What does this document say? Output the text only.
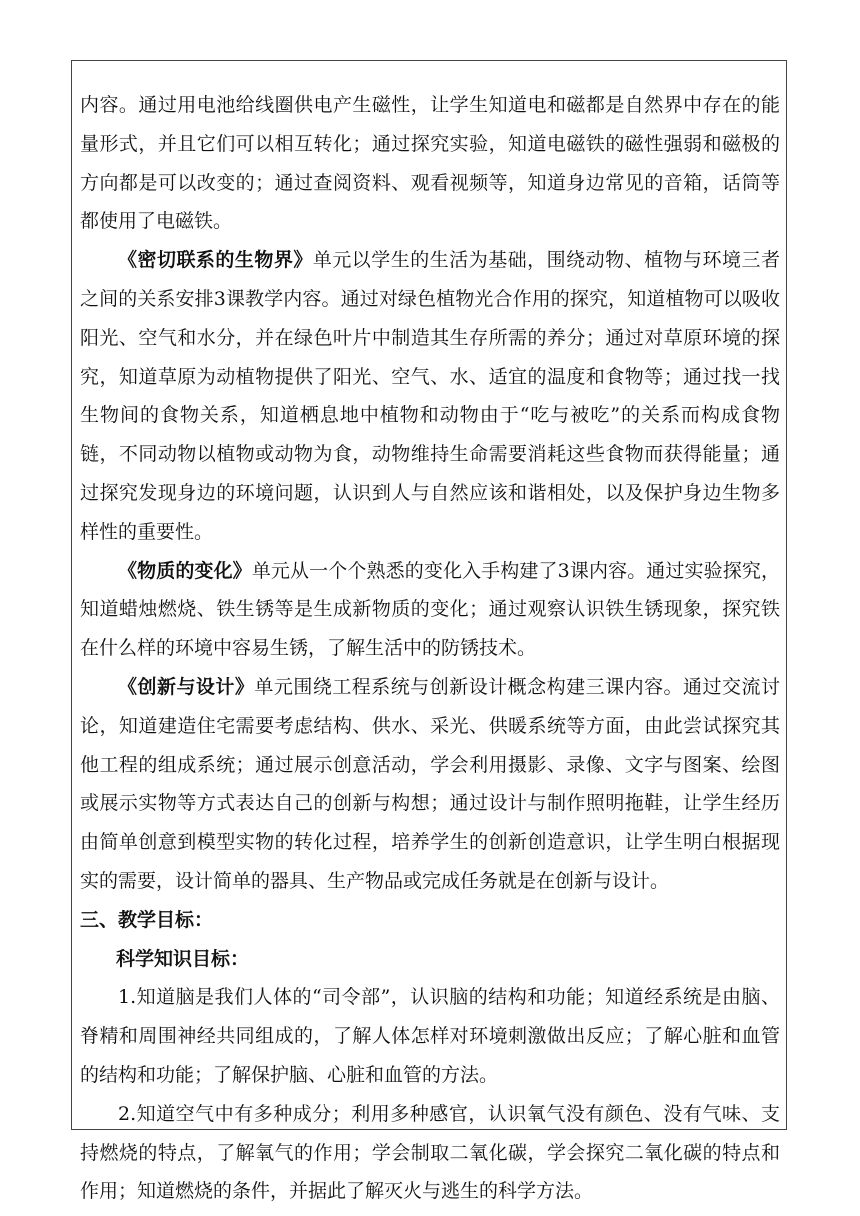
内容。通过用电池给线圈供电产生磁性，让学生知道电和磁都是自然界中存在的能量形式，并且它们可以相互转化；通过探究实验，知道电磁铁的磁性强弱和磁极的方向都是可以改变的；通过查阅资料、观看视频等，知道身边常见的音箱，话筒等都使用了电磁铁。

《密切联系的生物界》单元以学生的生活为基础，围绕动物、植物与环境三者之间的关系安排3课教学内容。通过对绿色植物光合作用的探究，知道植物可以吸收阳光、空气和水分，并在绿色叶片中制造其生存所需的养分；通过对草原环境的探究，知道草原为动植物提供了阳光、空气、水、适宜的温度和食物等；通过找一找生物间的食物关系，知道栖息地中植物和动物由于“吃与被吃”的关系而构成食物链，不同动物以植物或动物为食，动物维持生命需要消耗这些食物而获得能量；通过探究发现身边的环境问题，认识到人与自然应该和谐相处，以及保护身边生物多样性的重要性。

《物质的变化》单元从一个个熟悉的变化入手构建了3课内容。通过实验探究，知道蜡烛燃烧、铁生锈等是生成新物质的变化；通过观察认识铁生锈现象，探究铁在什么样的环境中容易生锈，了解生活中的防锈技术。

《创新与设计》单元围绕工程系统与创新设计概念构建三课内容。通过交流讨论，知道建造住宅需要考虑结构、供水、采光、供暖系统等方面，由此尝试探究其他工程的组成系统；通过展示创意活动，学会利用摄影、录像、文字与图案、绘图或展示实物等方式表达自己的创新与构想；通过设计与制作照明拖鞋，让学生经历由简单创意到模型实物的转化过程，培养学生的创新创造意识，让学生明白根据现实的需要，设计简单的器具、生产物品或完成任务就是在创新与设计。

三、教学目标：

科学知识目标：

1.知道脑是我们人体的“司令部”，认识脑的结构和功能；知道经系统是由脑、脊精和周围神经共同组成的，了解人体怎样对环境刺激做出反应；了解心脏和血管的结构和功能；了解保护脑、心脏和血管的方法。

2.知道空气中有多种成分；利用多种感官，认识氧气没有颜色、没有气味、支持燃烧的特点，了解氧气的作用；学会制取二氧化碳，学会探究二氧化碳的特点和作用；知道燃烧的条件，并据此了解灭火与逃生的科学方法。
